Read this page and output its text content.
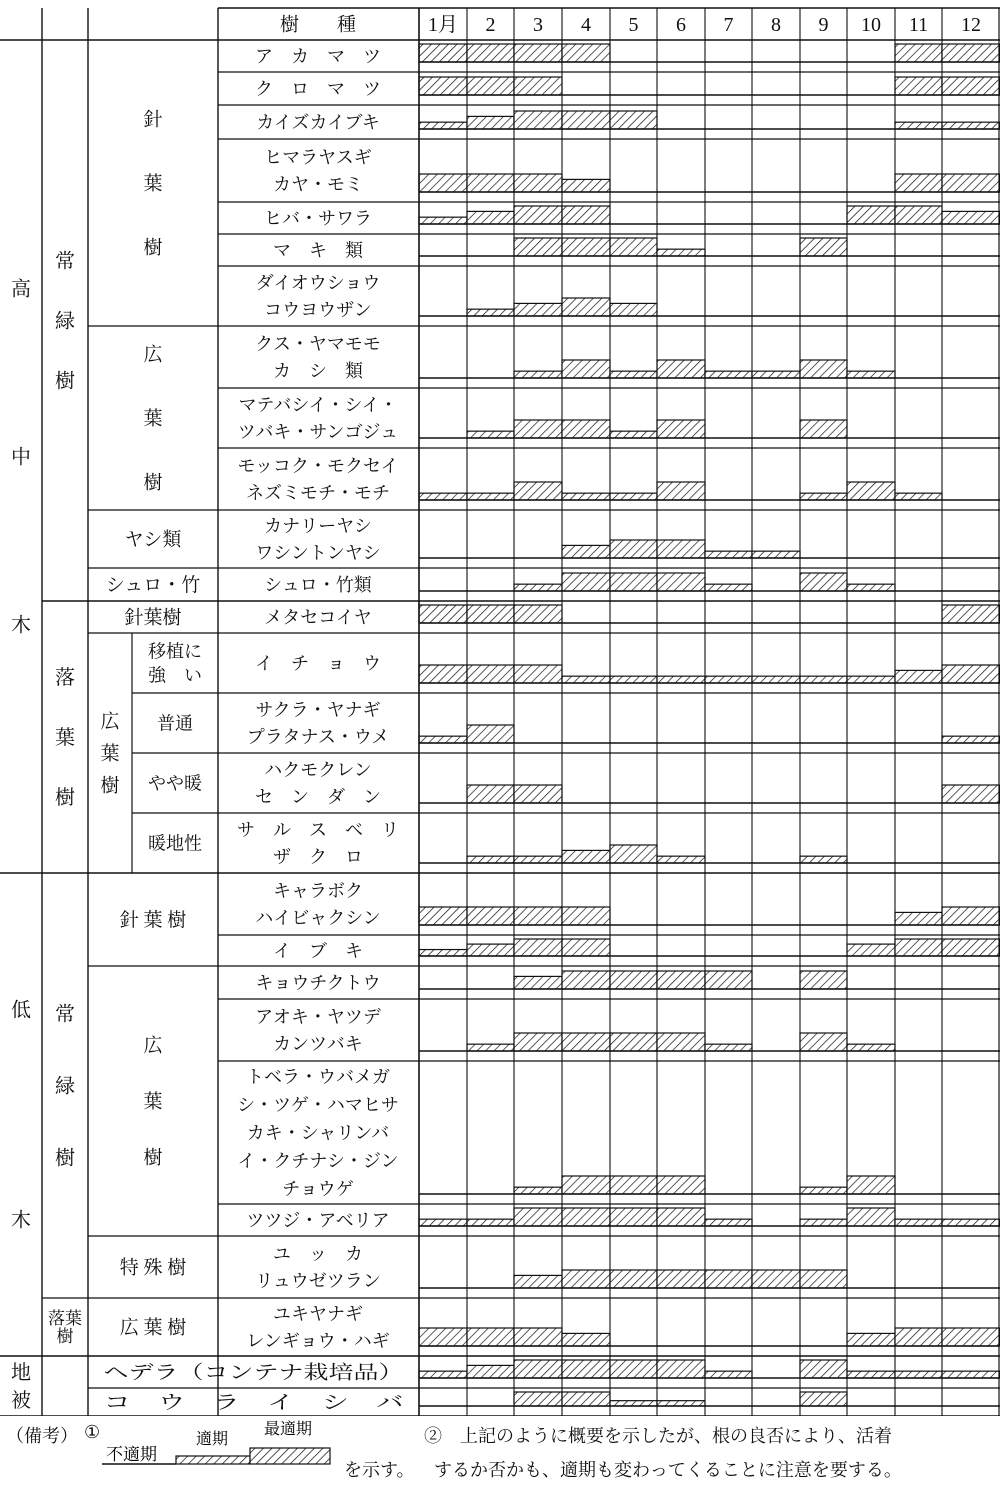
樹　　種	1月 2 3 4 5 6 7 8 9 10 11 12
高中木
低木
地被
常緑樹
落葉樹
常緑樹
落葉樹
針葉樹
広葉樹
ヤシ類
シュロ・竹
針葉樹
広葉樹
針 葉 樹
広葉樹
特 殊 樹
広 葉 樹
ヘデラ（コンテナ栽培品）
コ　ウ　ラ　イ　シ　バ
移植に強　い
普通
やや暖
暖地性
ア　カ　マ　ツ
ク　ロ　マ　ツ
カイズカイブキ
ヒマラヤスギカヤ・モミ
ヒバ・サワラ
マ　キ　類
ダイオウショウコウヨウザン
クス・ヤマモモカ　シ　類
マテバシイ・シイ・ツバキ・サンゴジュ
モッコク・モクセイネズミモチ・モチ
カナリーヤシワシントンヤシ
シュロ・竹類
メタセコイヤ
イ　チ　ョ　ウ
サクラ・ヤナギプラタナス・ウメ
ハクモクレンセ　ン　ダ　ン
サ　ル　ス　ベ　リザ　ク　ロ
キャラボクハイビャクシン
イ　ブ　キ
キョウチクトウ
アオキ・ヤツデカンツバキ
トベラ・ウバメガシ・ツゲ・ハマヒサカキ・シャリンバイ・クチナシ・ジンチョウゲ
ツツジ・アベリア
ユ　ッ　カリュウゼツラン
ユキヤナギレンギョウ・ハギ
（備考） ①
不適期
適期
最適期
を示す。
②　上記のように概要を示したが、根の良否により、活着
するか否かも、適期も変わってくることに注意を要する。
